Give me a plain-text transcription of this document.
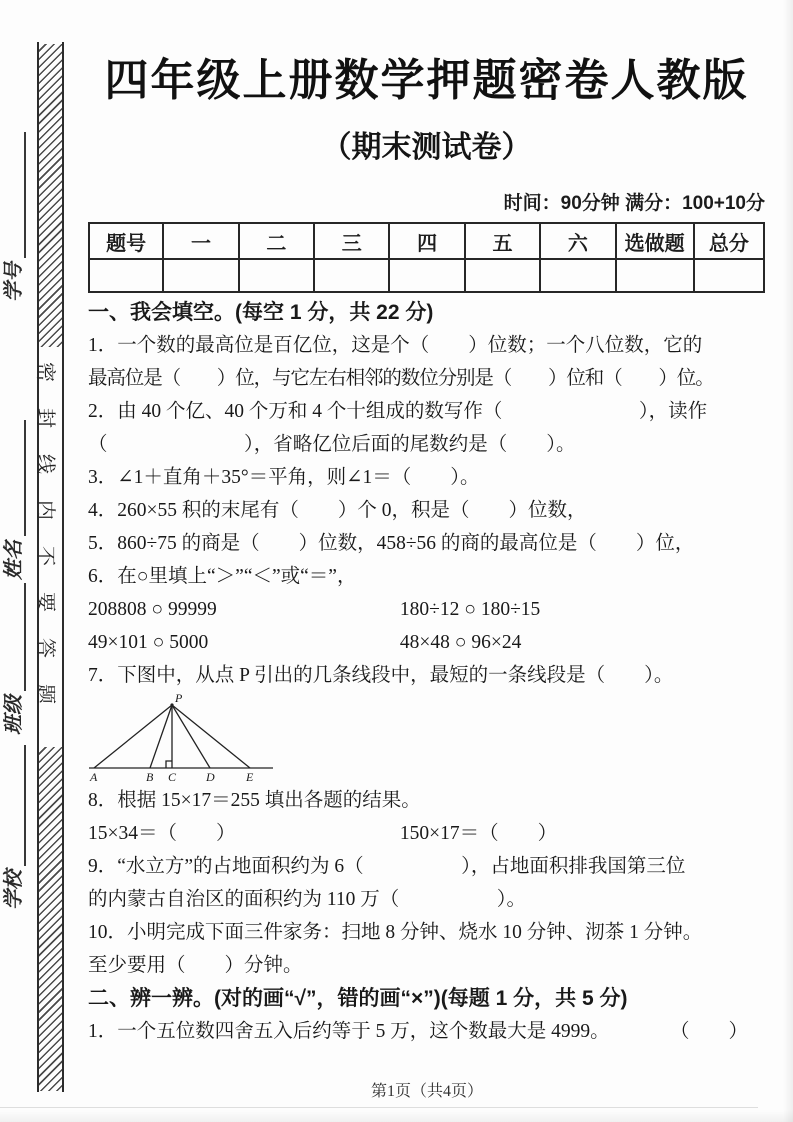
学号
姓名
班级
学校
密封线内不要答题
四年级上册数学押题密卷人教版
（期末测试卷）
时间：90分钟 满分：100+10分
题号	一	二	三	四	五	六	选做题	总分

一、我会填空。(每空 1 分，共 22 分)
1．一个数的最高位是百亿位，这是个（　　）位数；一个八位数，它的
最高位是（　　）位，与它左右相邻的数位分别是（　　）位和（　　）位。
2．由 40 个亿、40 个万和 4 个十组成的数写作（　　　　　　　），读作
（　　　　　　　），省略亿位后面的尾数约是（　　）。
3．∠1＋直角＋35°＝平角，则∠1＝（　　）。
4．260×55 积的末尾有（　　）个 0，积是（　　）位数，
5．860÷75 的商是（　　）位数，458÷56 的商的最高位是（　　）位，
6．在○里填上“＞”“＜”或“＝”，
208808 ○ 99999	180÷12 ○ 180÷15
49×101 ○ 5000	48×48 ○ 96×24
7．下图中，从点 P 引出的几条线段中，最短的一条线段是（　　）。
P
A	B C D	E
8．根据 15×17＝255 填出各题的结果。
15×34＝（　　）	150×17＝（　　）
9．“水立方”的占地面积约为 6（　　　　　），占地面积排我国第三位
的内蒙古自治区的面积约为 110 万（　　　　　）。
10．小明完成下面三件家务：扫地 8 分钟、烧水 10 分钟、沏茶 1 分钟。
至少要用（　　）分钟。
二、辨一辨。(对的画“√”，错的画“×”)(每题 1 分，共 5 分)
1．一个五位数四舍五入后约等于 5 万，这个数最大是 4999。	（　　）
第1页（共4页）
